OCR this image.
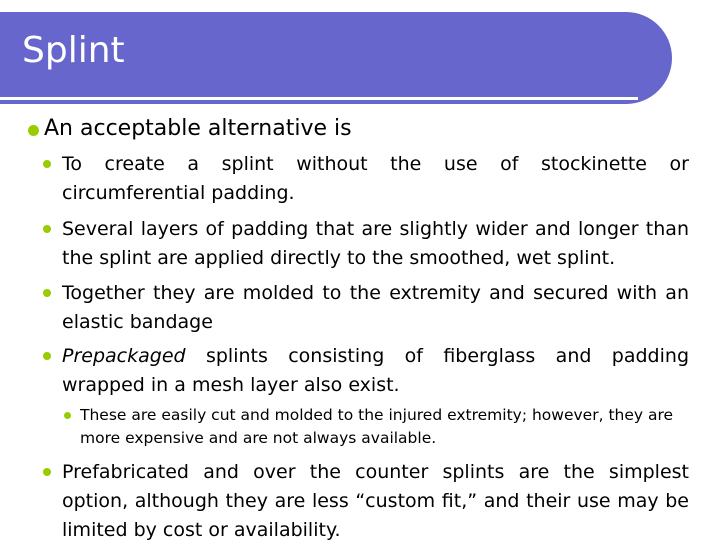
Splint
An acceptable alternative is
To create a splint without the use of stockinette or circumferential padding.
Several layers of padding that are slightly wider and longer than the splint are applied directly to the smoothed, wet splint.
Together they are molded to the extremity and secured with an elastic bandage
Prepackaged splints consisting of fiberglass and padding wrapped in a mesh layer also exist.
These are easily cut and molded to the injured extremity; however, they are more expensive and are not always available.
Prefabricated and over the counter splints are the simplest option, although they are less “custom fit,” and their use may be limited by cost or availability.
